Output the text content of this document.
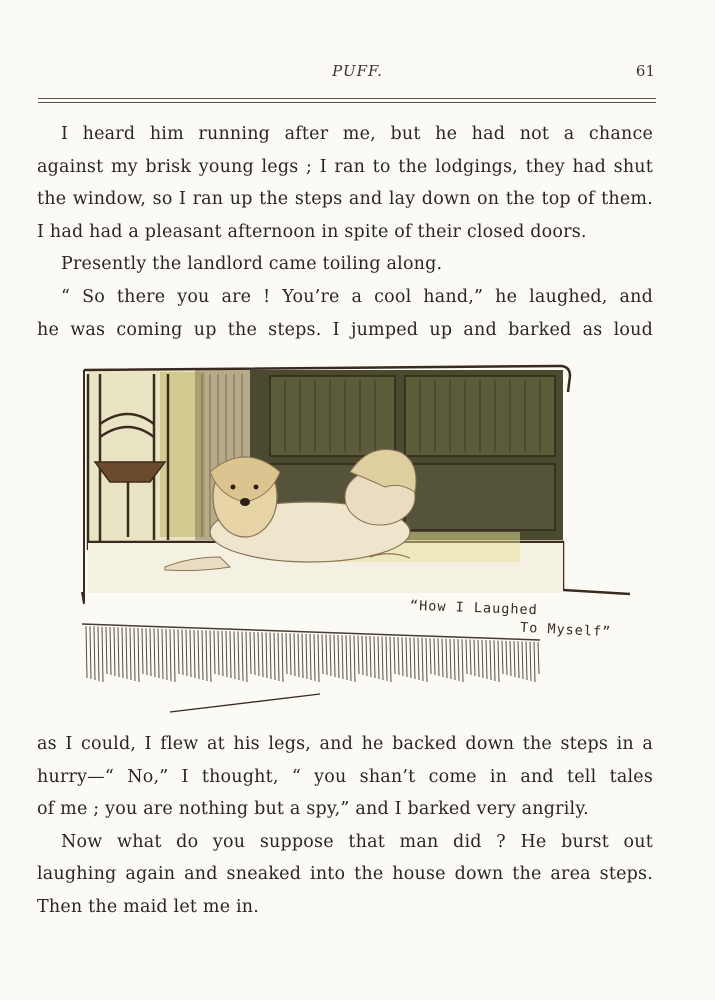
PUFF.	61
I heard him running after me, but he had not a chance
against my brisk young legs ; I ran to the lodgings, they had shut
the window, so I ran up the steps and lay down on the top of them.
I had had a pleasant afternoon in spite of their closed doors.
Presently the landlord came toiling along.
“ So there you are ! You’re a cool hand,” he laughed, and
he was coming up the steps. I jumped up and barked as loud
“How I Laughed
To Myself”
as I could, I flew at his legs, and he backed down the steps in a
hurry—“ No,” I thought, “ you shan’t come in and tell tales
of me ; you are nothing but a spy,” and I barked very angrily.
Now what do you suppose that man did ? He burst out
laughing again and sneaked into the house down the area steps.
Then the maid let me in.
